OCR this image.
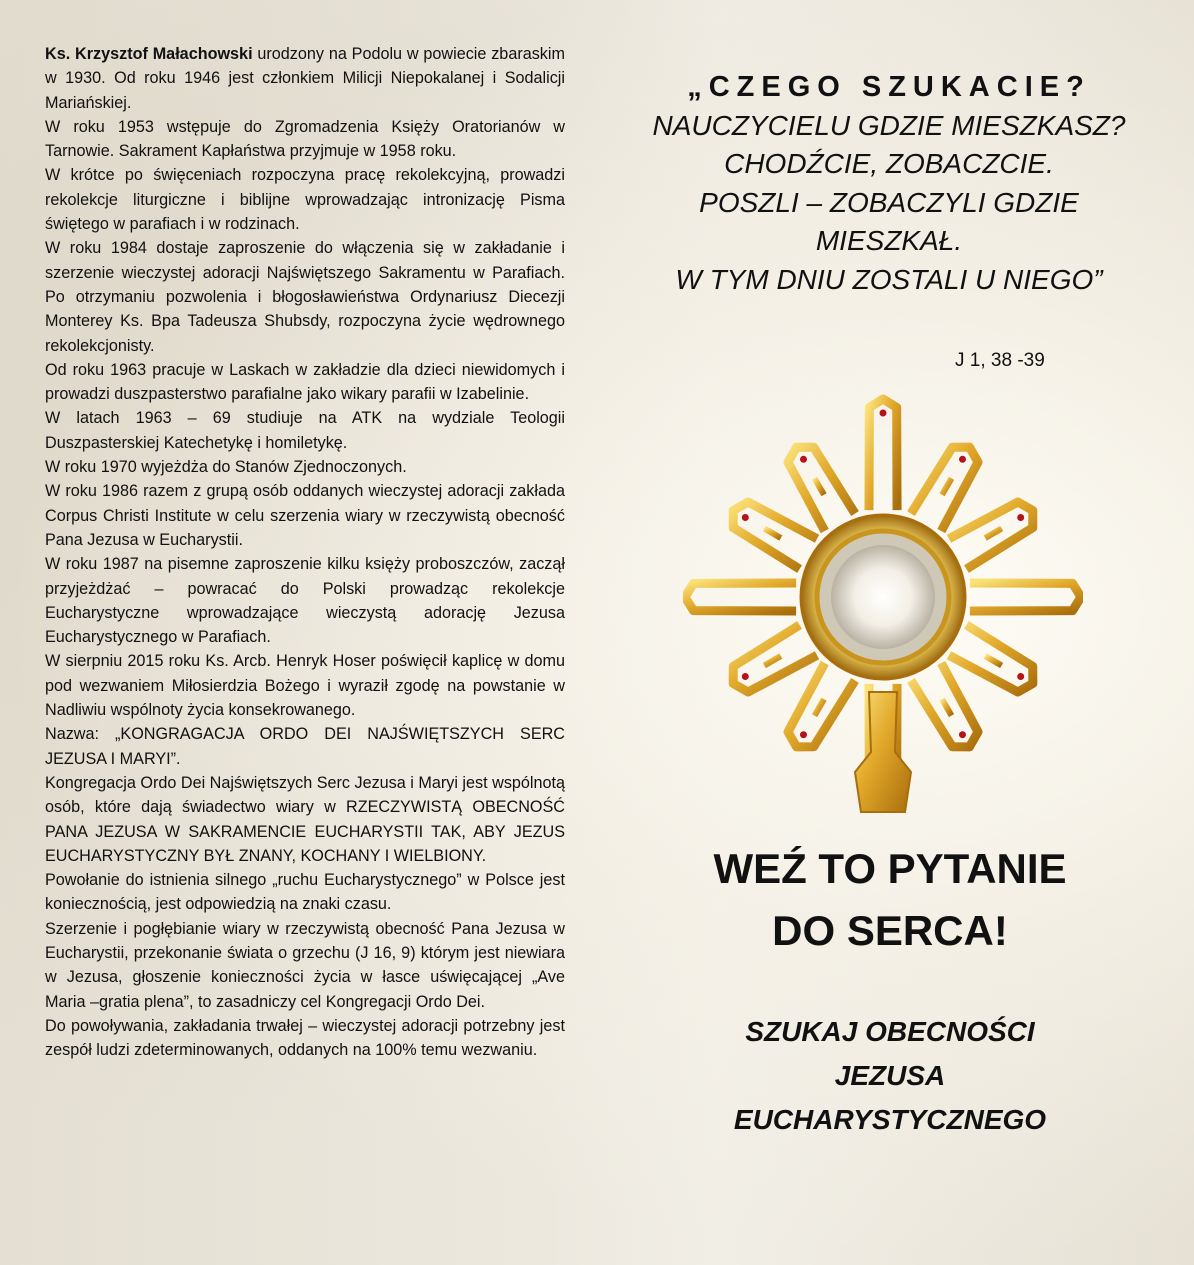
Ks. Krzysztof Małachowski urodzony na Podolu w powiecie zbaraskim w 1930. Od roku 1946 jest członkiem Milicji Niepokalanej i Sodalicji Mariańskiej.

W roku 1953 wstępuje do Zgromadzenia Księży Oratorianów w Tarnowie. Sakrament Kapłaństwa przyjmuje w 1958 roku.

W krótce po święceniach rozpoczyna pracę rekolekcyjną, prowadzi rekolekcje liturgiczne i biblijne wprowadzając intronizację Pisma świętego w parafiach i w rodzinach.

W roku 1984 dostaje zaproszenie do włączenia się w zakładanie i szerzenie wieczystej adoracji Najświętszego Sakramentu w Parafiach. Po otrzymaniu pozwolenia i błogosławieństwa Ordynariusz Diecezji Monterey Ks. Bpa Tadeusza Shubsdy, rozpoczyna życie wędrownego rekolekcjonisty.

Od roku 1963 pracuje w Laskach w zakładzie dla dzieci niewidomych i prowadzi duszpasterstwo parafialne jako wikary parafii w Izabelinie.

W latach 1963 – 69 studiuje na ATK na wydziale Teologii Duszpasterskiej Katechetykę i homiletykę.

W roku 1970 wyjeżdża do Stanów Zjednoczonych.

W roku 1986 razem z grupą osób oddanych wieczystej adoracji zakłada Corpus Christi Institute w celu szerzenia wiary w rzeczywistą obecność Pana Jezusa w Eucharystii.

W roku 1987 na pisemne zaproszenie kilku księży proboszczów, zaczął przyjeżdżać – powracać do Polski prowadząc rekolekcje Eucharystyczne wprowadzające wieczystą adorację Jezusa Eucharystycznego w Parafiach.

W sierpniu 2015 roku Ks. Arcb. Henryk Hoser poświęcił kaplicę w domu pod wezwaniem Miłosierdzia Bożego i wyraził zgodę na powstanie w Nadliwiu wspólnoty życia konsekrowanego.

Nazwa: „KONGRAGACJA ORDO DEI NAJŚWIĘTSZYCH SERC JEZUSA I MARYI”.

Kongregacja Ordo Dei Najświętszych Serc Jezusa i Maryi jest wspólnotą osób, które dają świadectwo wiary w RZECZYWISTĄ OBECNOŚĆ PANA JEZUSA W SAKRAMENCIE EUCHARYSTII TAK, ABY JEZUS EUCHARYSTYCZNY BYŁ ZNANY, KOCHANY I WIELBIONY.

Powołanie do istnienia silnego „ruchu Eucharystycznego” w Polsce jest koniecznością, jest odpowiedzią na znaki czasu.

Szerzenie i pogłębianie wiary w rzeczywistą obecność Pana Jezusa w Eucharystii, przekonanie świata o grzechu (J 16, 9) którym jest niewiara w Jezusa, głoszenie konieczności życia w łasce uświęcającej „Ave Maria –gratia plena”, to zasadniczy cel Kongregacji Ordo Dei.

Do powoływania, zakładania trwałej – wieczystej adoracji potrzebny jest zespół ludzi zdeterminowanych, oddanych na 100% temu wezwaniu.

„CZEGO SZUKACIE?
NAUCZYCIELU GDZIE MIESZKASZ?
CHODŹCIE, ZOBACZCIE.
POSZLI – ZOBACZYLI GDZIE
MIESZKAŁ.
W TYM DNIU ZOSTALI U NIEGO”
J 1, 38 -39
WEŹ TO PYTANIE
DO SERCA!
SZUKAJ OBECNOŚCI
JEZUSA
EUCHARYSTYCZNEGO
